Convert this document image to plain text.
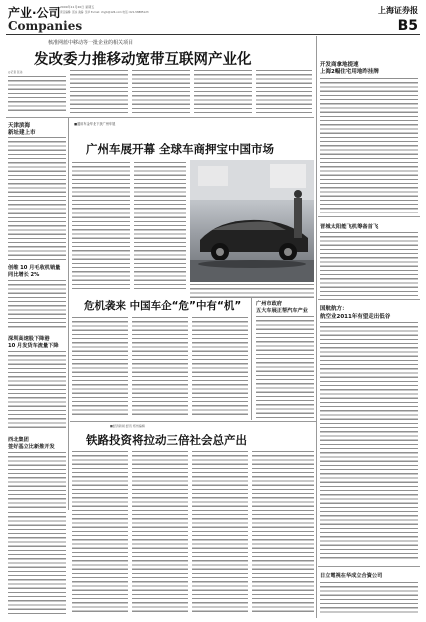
产业·公司 2009年11月20日 星期五
责任编辑: 张冰 美编: 吴华 E-mail: chyjb@126.com 电话: 021-58885123
Companies
上海证券报
B5
核准网蓝中移动等一批企业的相关项目
发改委力推移动宽带互联网产业化
◎记者 张冰
天津滨海
新址建上市
创维 10 月毛收机销量
同比增长 2%
深圳高速股下降港
10 月发货车流量下降
西北集团
签好基立比新推开发
■通用车金华北下获广州车展
广州车展开幕 全球车商押宝中国市场
危机袭来 中国车企“危”中有“机”	广州市政府
五大车展正帮汽车产业
■经济新闻 经讯 郑州编辑
铁路投资将拉动三倍社会总产出
开发商拿地提速
上海2幅住宅用地昨挂牌
晋城太阳能飞机筹备首飞
国航航方：
航空业2011年有望走出低谷
日立電視在华成立合資公司
